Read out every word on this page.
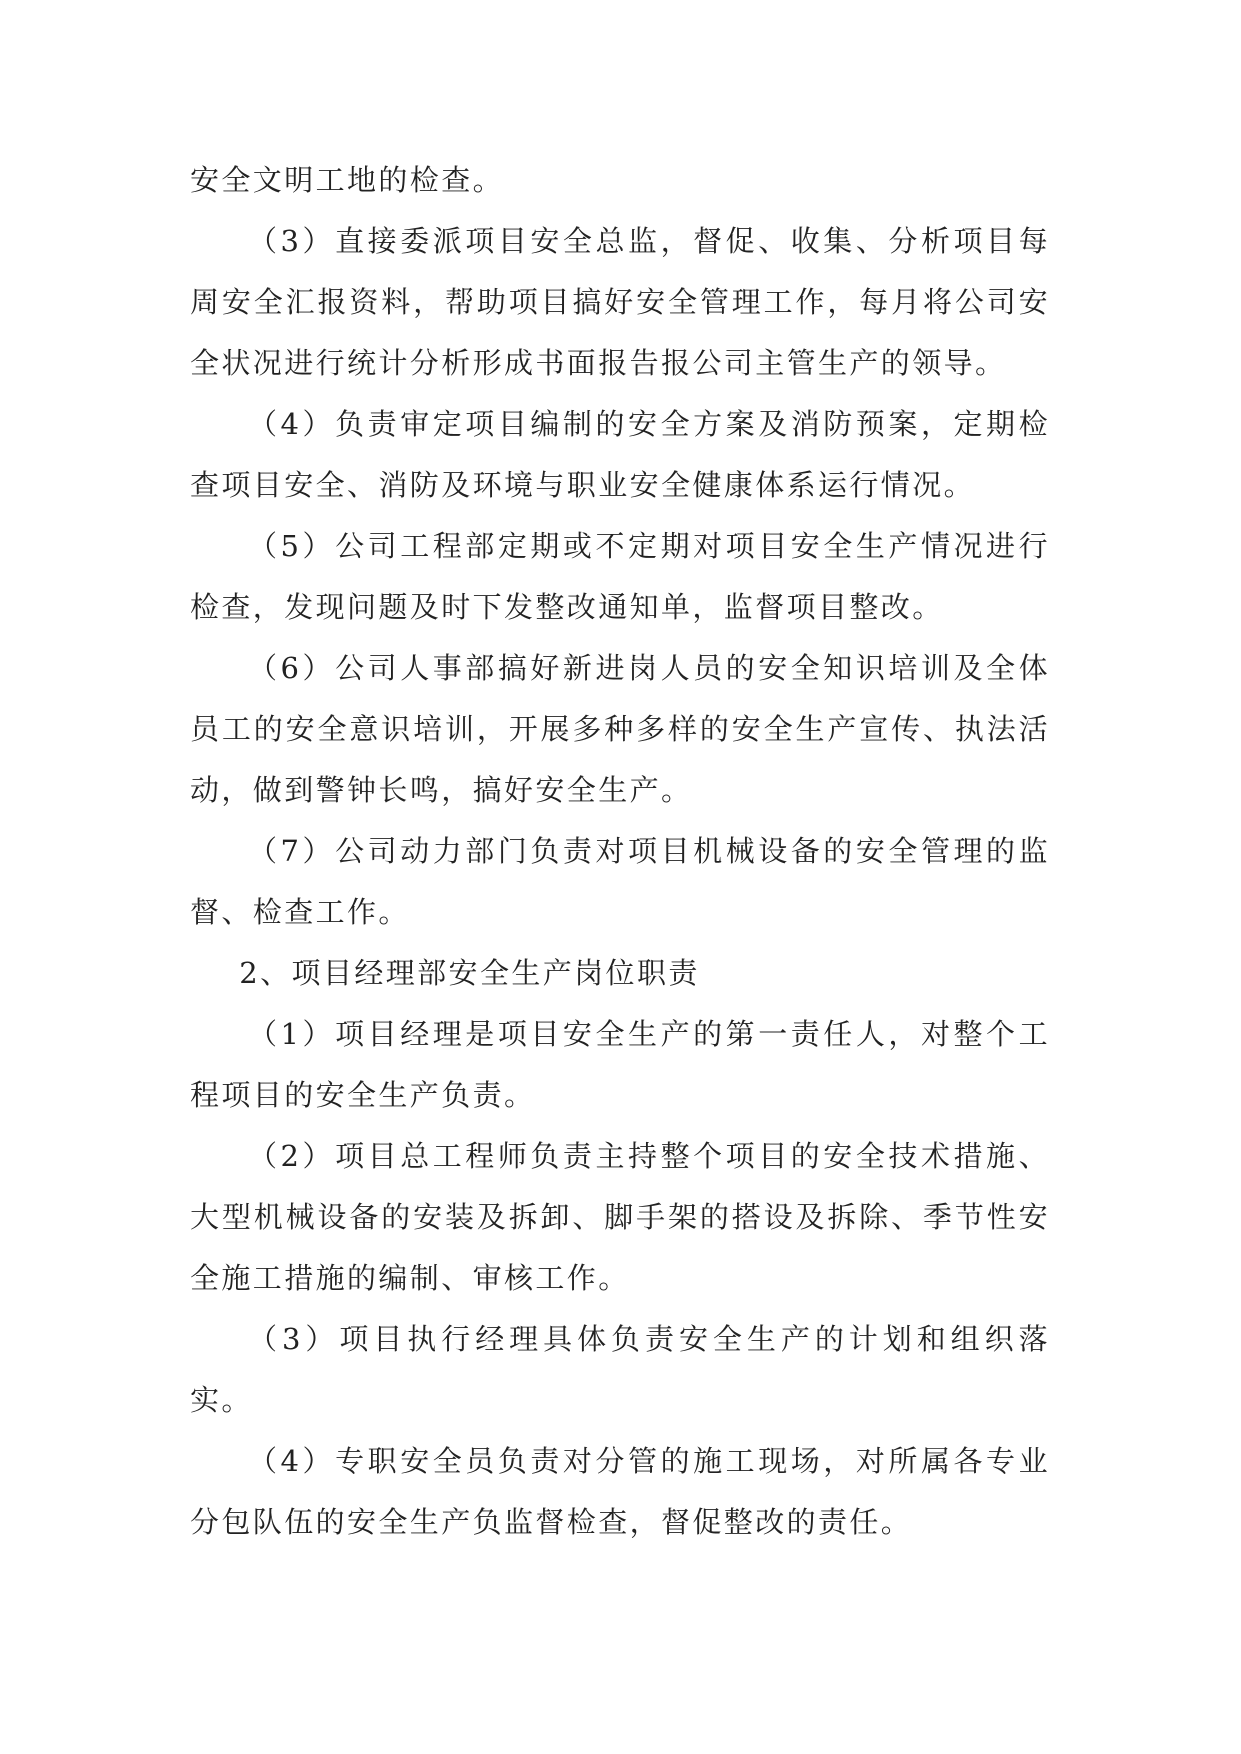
安全文明工地的检查。

（3）直接委派项目安全总监，督促、收集、分析项目每周安全汇报资料，帮助项目搞好安全管理工作，每月将公司安全状况进行统计分析形成书面报告报公司主管生产的领导。

（4）负责审定项目编制的安全方案及消防预案，定期检查项目安全、消防及环境与职业安全健康体系运行情况。

（5）公司工程部定期或不定期对项目安全生产情况进行检查，发现问题及时下发整改通知单，监督项目整改。

（6）公司人事部搞好新进岗人员的安全知识培训及全体员工的安全意识培训，开展多种多样的安全生产宣传、执法活动，做到警钟长鸣，搞好安全生产。

（7）公司动力部门负责对项目机械设备的安全管理的监督、检查工作。

2、项目经理部安全生产岗位职责

（1）项目经理是项目安全生产的第一责任人，对整个工程项目的安全生产负责。

（2）项目总工程师负责主持整个项目的安全技术措施、大型机械设备的安装及拆卸、脚手架的搭设及拆除、季节性安全施工措施的编制、审核工作。

（3）项目执行经理具体负责安全生产的计划和组织落实。

（4）专职安全员负责对分管的施工现场，对所属各专业分包队伍的安全生产负监督检查，督促整改的责任。
